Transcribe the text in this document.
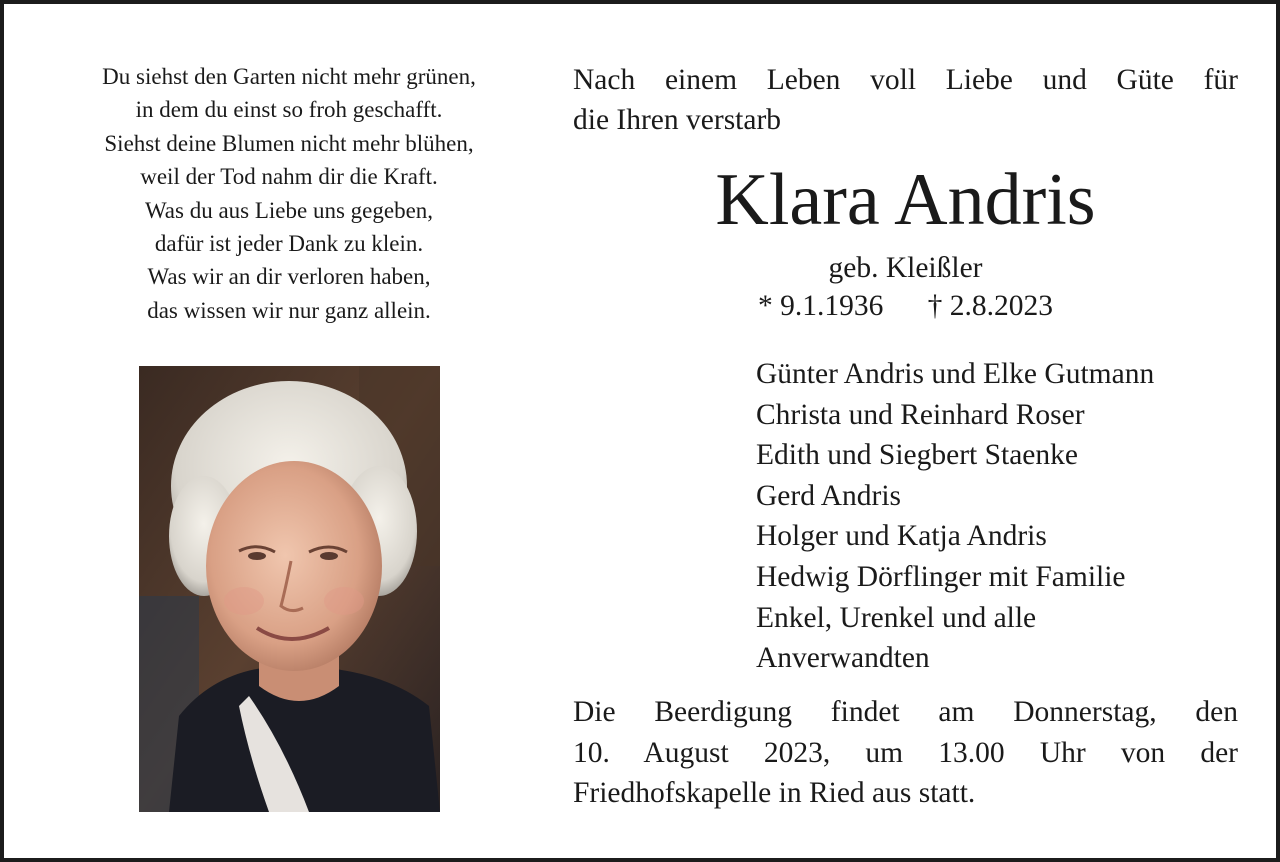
Du siehst den Garten nicht mehr grünen,
in dem du einst so froh geschafft.
Siehst deine Blumen nicht mehr blühen,
weil der Tod nahm dir die Kraft.
Was du aus Liebe uns gegeben,
dafür ist jeder Dank zu klein.
Was wir an dir verloren haben,
das wissen wir nur ganz allein.
Nach einem Leben voll Liebe und Güte für
die Ihren verstarb
Klara Andris
geb. Kleißler
* 9.1.1936 † 2.8.2023
Günter Andris und Elke Gutmann
Christa und Reinhard Roser
Edith und Siegbert Staenke
Gerd Andris
Holger und Katja Andris
Hedwig Dörflinger mit Familie
Enkel, Urenkel und alle
Anverwandten
Die Beerdigung findet am Donnerstag, den
10. August 2023, um 13.00 Uhr von der
Friedhofskapelle in Ried aus statt.
